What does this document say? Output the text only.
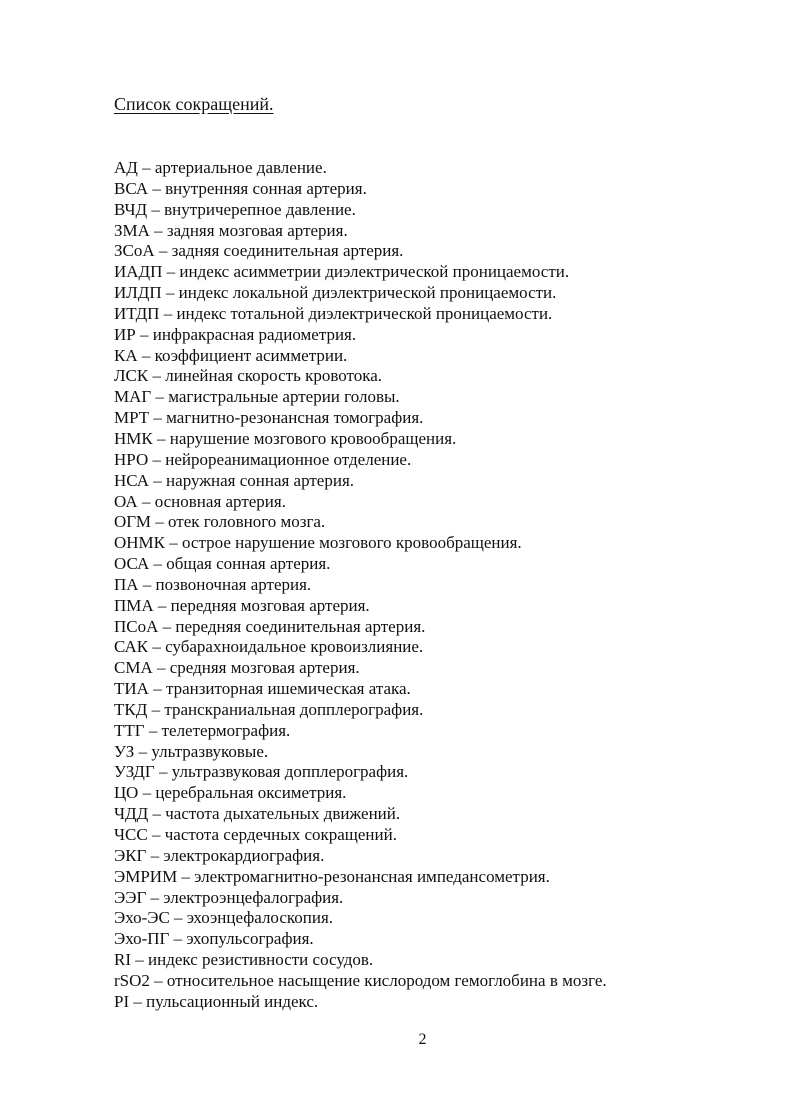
Список сокращений.
АД – артериальное давление.
ВСА – внутренняя сонная артерия.
ВЧД – внутричерепное давление.
ЗМА – задняя мозговая артерия.
ЗСоА – задняя соединительная артерия.
ИАДП – индекс асимметрии диэлектрической проницаемости.
ИЛДП – индекс локальной диэлектрической проницаемости.
ИТДП – индекс тотальной диэлектрической проницаемости.
ИР – инфракрасная радиометрия.
КА – коэффициент асимметрии.
ЛСК – линейная скорость кровотока.
МАГ – магистральные артерии головы.
МРТ – магнитно-резонансная томография.
НМК – нарушение мозгового кровообращения.
НРО – нейрореанимационное отделение.
НСА – наружная сонная артерия.
ОА – основная артерия.
ОГМ – отек головного мозга.
ОНМК – острое нарушение мозгового кровообращения.
ОСА – общая сонная артерия.
ПА – позвоночная артерия.
ПМА – передняя мозговая артерия.
ПСоА – передняя соединительная артерия.
САК – субарахноидальное кровоизлияние.
СМА – средняя мозговая артерия.
ТИА – транзиторная ишемическая атака.
ТКД – транскраниальная допплерография.
ТТГ – телетермография.
УЗ – ультразвуковые.
УЗДГ – ультразвуковая допплерография.
ЦО – церебральная оксиметрия.
ЧДД – частота дыхательных движений.
ЧСС – частота сердечных сокращений.
ЭКГ – электрокардиография.
ЭМРИМ – электромагнитно-резонансная импедансометрия.
ЭЭГ – электроэнцефалография.
Эхо-ЭС – эхоэнцефалоскопия.
Эхо-ПГ – эхопульсография.
RI – индекс резистивности сосудов.
rSO2 – относительное насыщение кислородом гемоглобина в мозге.
PI – пульсационный индекс.
2
